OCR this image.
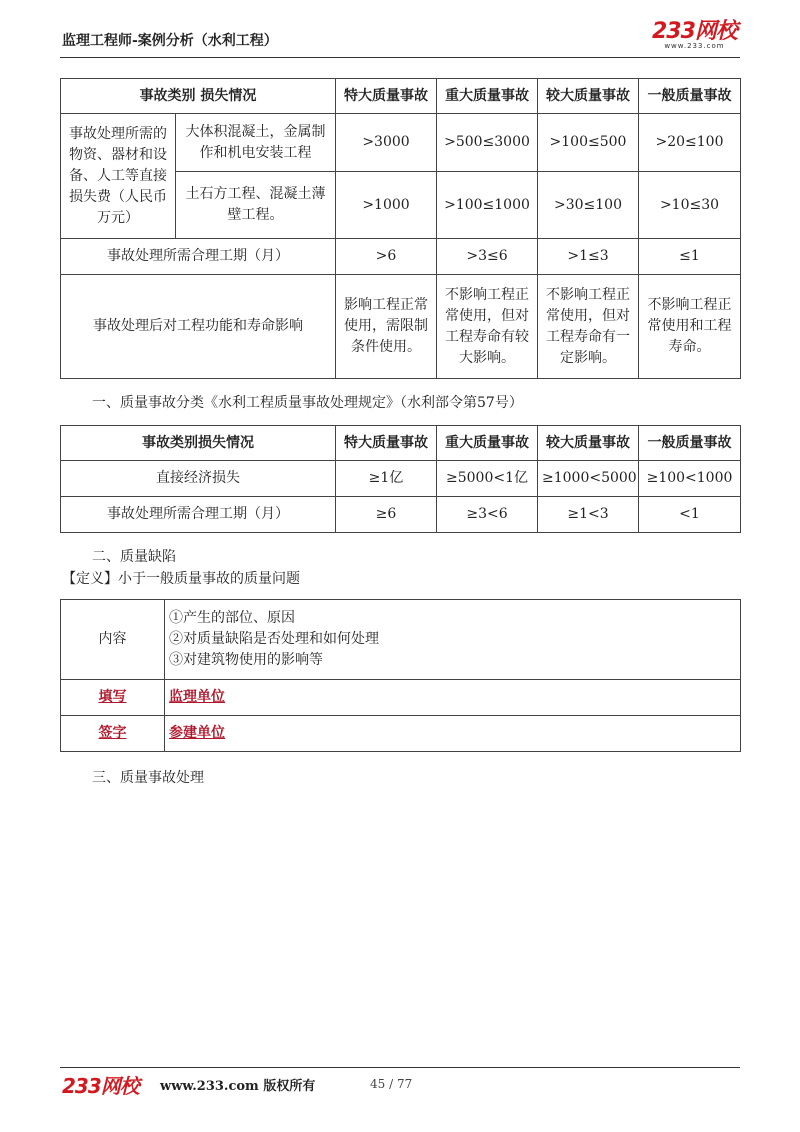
监理工程师-案例分析（水利工程）	233网校
www.233.com
事故类别 损失情况		特大质量事故	重大质量事故	较大质量事故	一般质量事故
事故处理所需的物资、器材和设备、人工等直接损失费（人民币万元）	大体积混凝土，金属制作和机电安装工程	>3000	>500≤3000	>100≤500	>20≤100
	土石方工程、混凝土薄壁工程。	>1000	>100≤1000	>30≤100	>10≤30
事故处理所需合理工期（月）		>6	>3≤6	>1≤3	≤1
事故处理后对工程功能和寿命影响		影响工程正常使用，需限制条件使用。	不影响工程正常使用，但对工程寿命有较大影响。	不影响工程正常使用，但对工程寿命有一定影响。	不影响工程正常使用和工程寿命。
一、质量事故分类《水利工程质量事故处理规定》（水利部令第57号）
事故类别损失情况	特大质量事故	重大质量事故	较大质量事故	一般质量事故
直接经济损失	≥1亿	≥5000<1亿	≥1000<5000	≥100<1000
事故处理所需合理工期（月）	≥6	≥3<6	≥1<3	<1
二、质量缺陷
【定义】小于一般质量事故的质量问题
内容	①产生的部位、原因
②对质量缺陷是否处理和如何处理
③对建筑物使用的影响等

填写	监理单位
签字	参建单位
三、质量事故处理
233网校 www.233.com 版权所有	45 / 77
